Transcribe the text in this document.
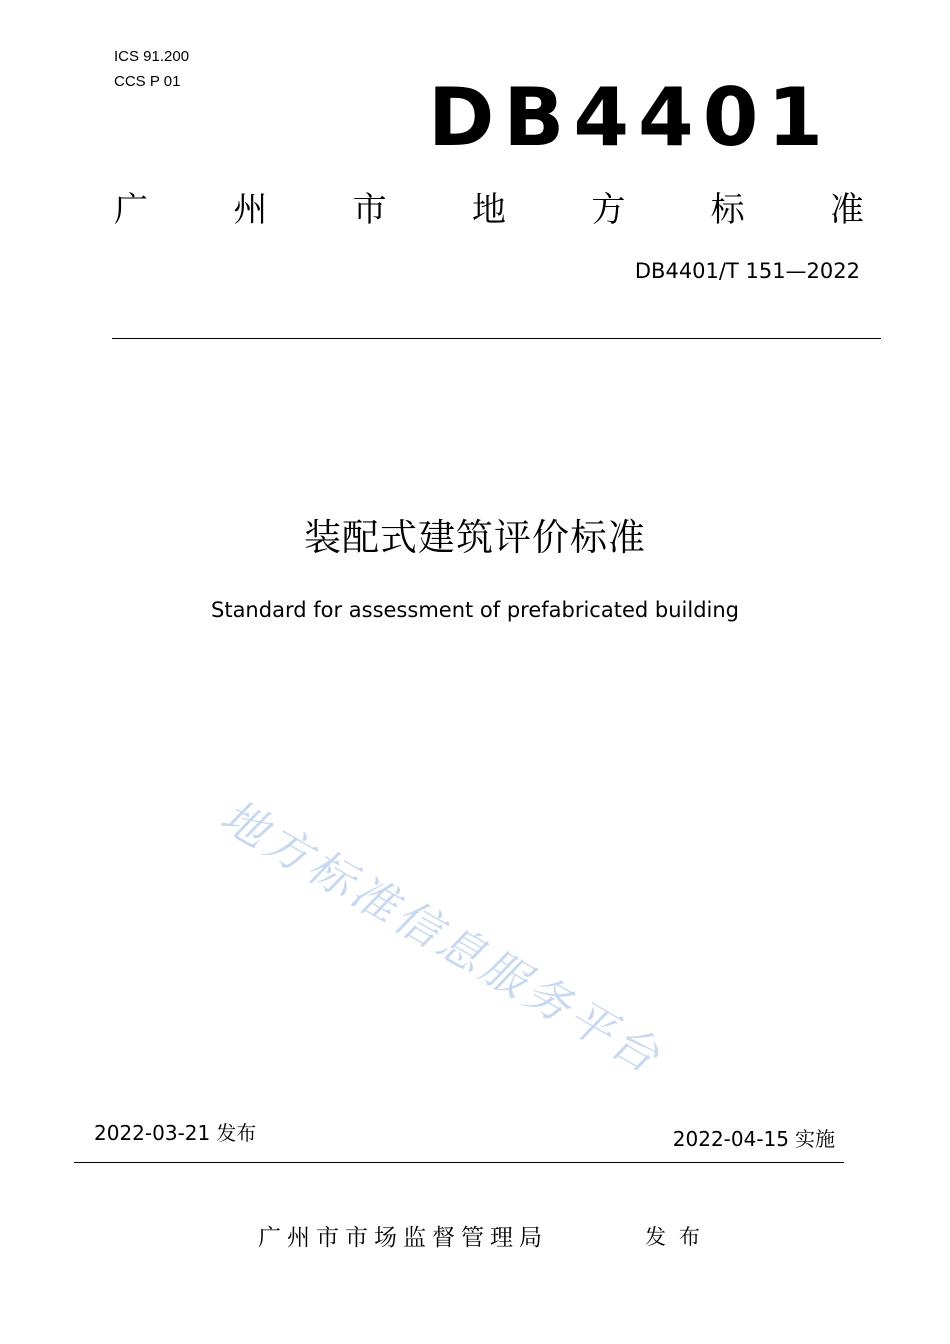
ICS 91.200
CCS P 01	DB4401
广	州	市	地	方	标	准
DB4401/T 151—2022
装配式建筑评价标准
Standard for assessment of prefabricated building
地方标准信息服务平台
2022-03-21 发布	2022-04-15 实施
广州市市场监督管理局	发布
